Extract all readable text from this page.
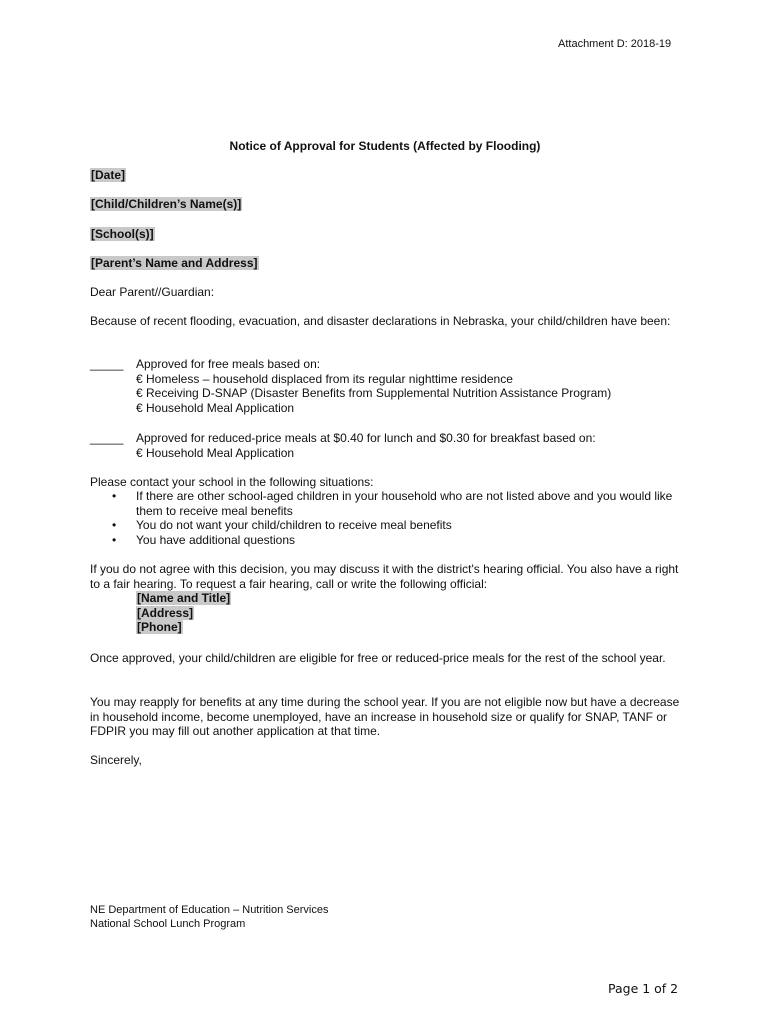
Attachment D: 2018-19
Notice of Approval for Students (Affected by Flooding)
[Date]
[Child/Children’s Name(s)]
[School(s)]
[Parent’s Name and Address]
Dear Parent//Guardian:
Because of recent flooding, evacuation, and disaster declarations in Nebraska, your child/children have been:
_____ Approved for free meals based on:
€ Homeless – household displaced from its regular nighttime residence
€ Receiving D-SNAP (Disaster Benefits from Supplemental Nutrition Assistance Program)
€ Household Meal Application
_____ Approved for reduced-price meals at $0.40 for lunch and $0.30 for breakfast based on:
€ Household Meal Application
Please contact your school in the following situations:
• If there are other school-aged children in your household who are not listed above and you would like them to receive meal benefits
• You do not want your child/children to receive meal benefits
• You have additional questions
If you do not agree with this decision, you may discuss it with the district's hearing official. You also have a right to a fair hearing. To request a fair hearing, call or write the following official:
[Name and Title]
[Address]
[Phone]
Once approved, your child/children are eligible for free or reduced-price meals for the rest of the school year.
You may reapply for benefits at any time during the school year. If you are not eligible now but have a decrease in household income, become unemployed, have an increase in household size or qualify for SNAP, TANF or FDPIR you may fill out another application at that time.
Sincerely,
NE Department of Education – Nutrition Services
National School Lunch Program
Page 1 of 2
